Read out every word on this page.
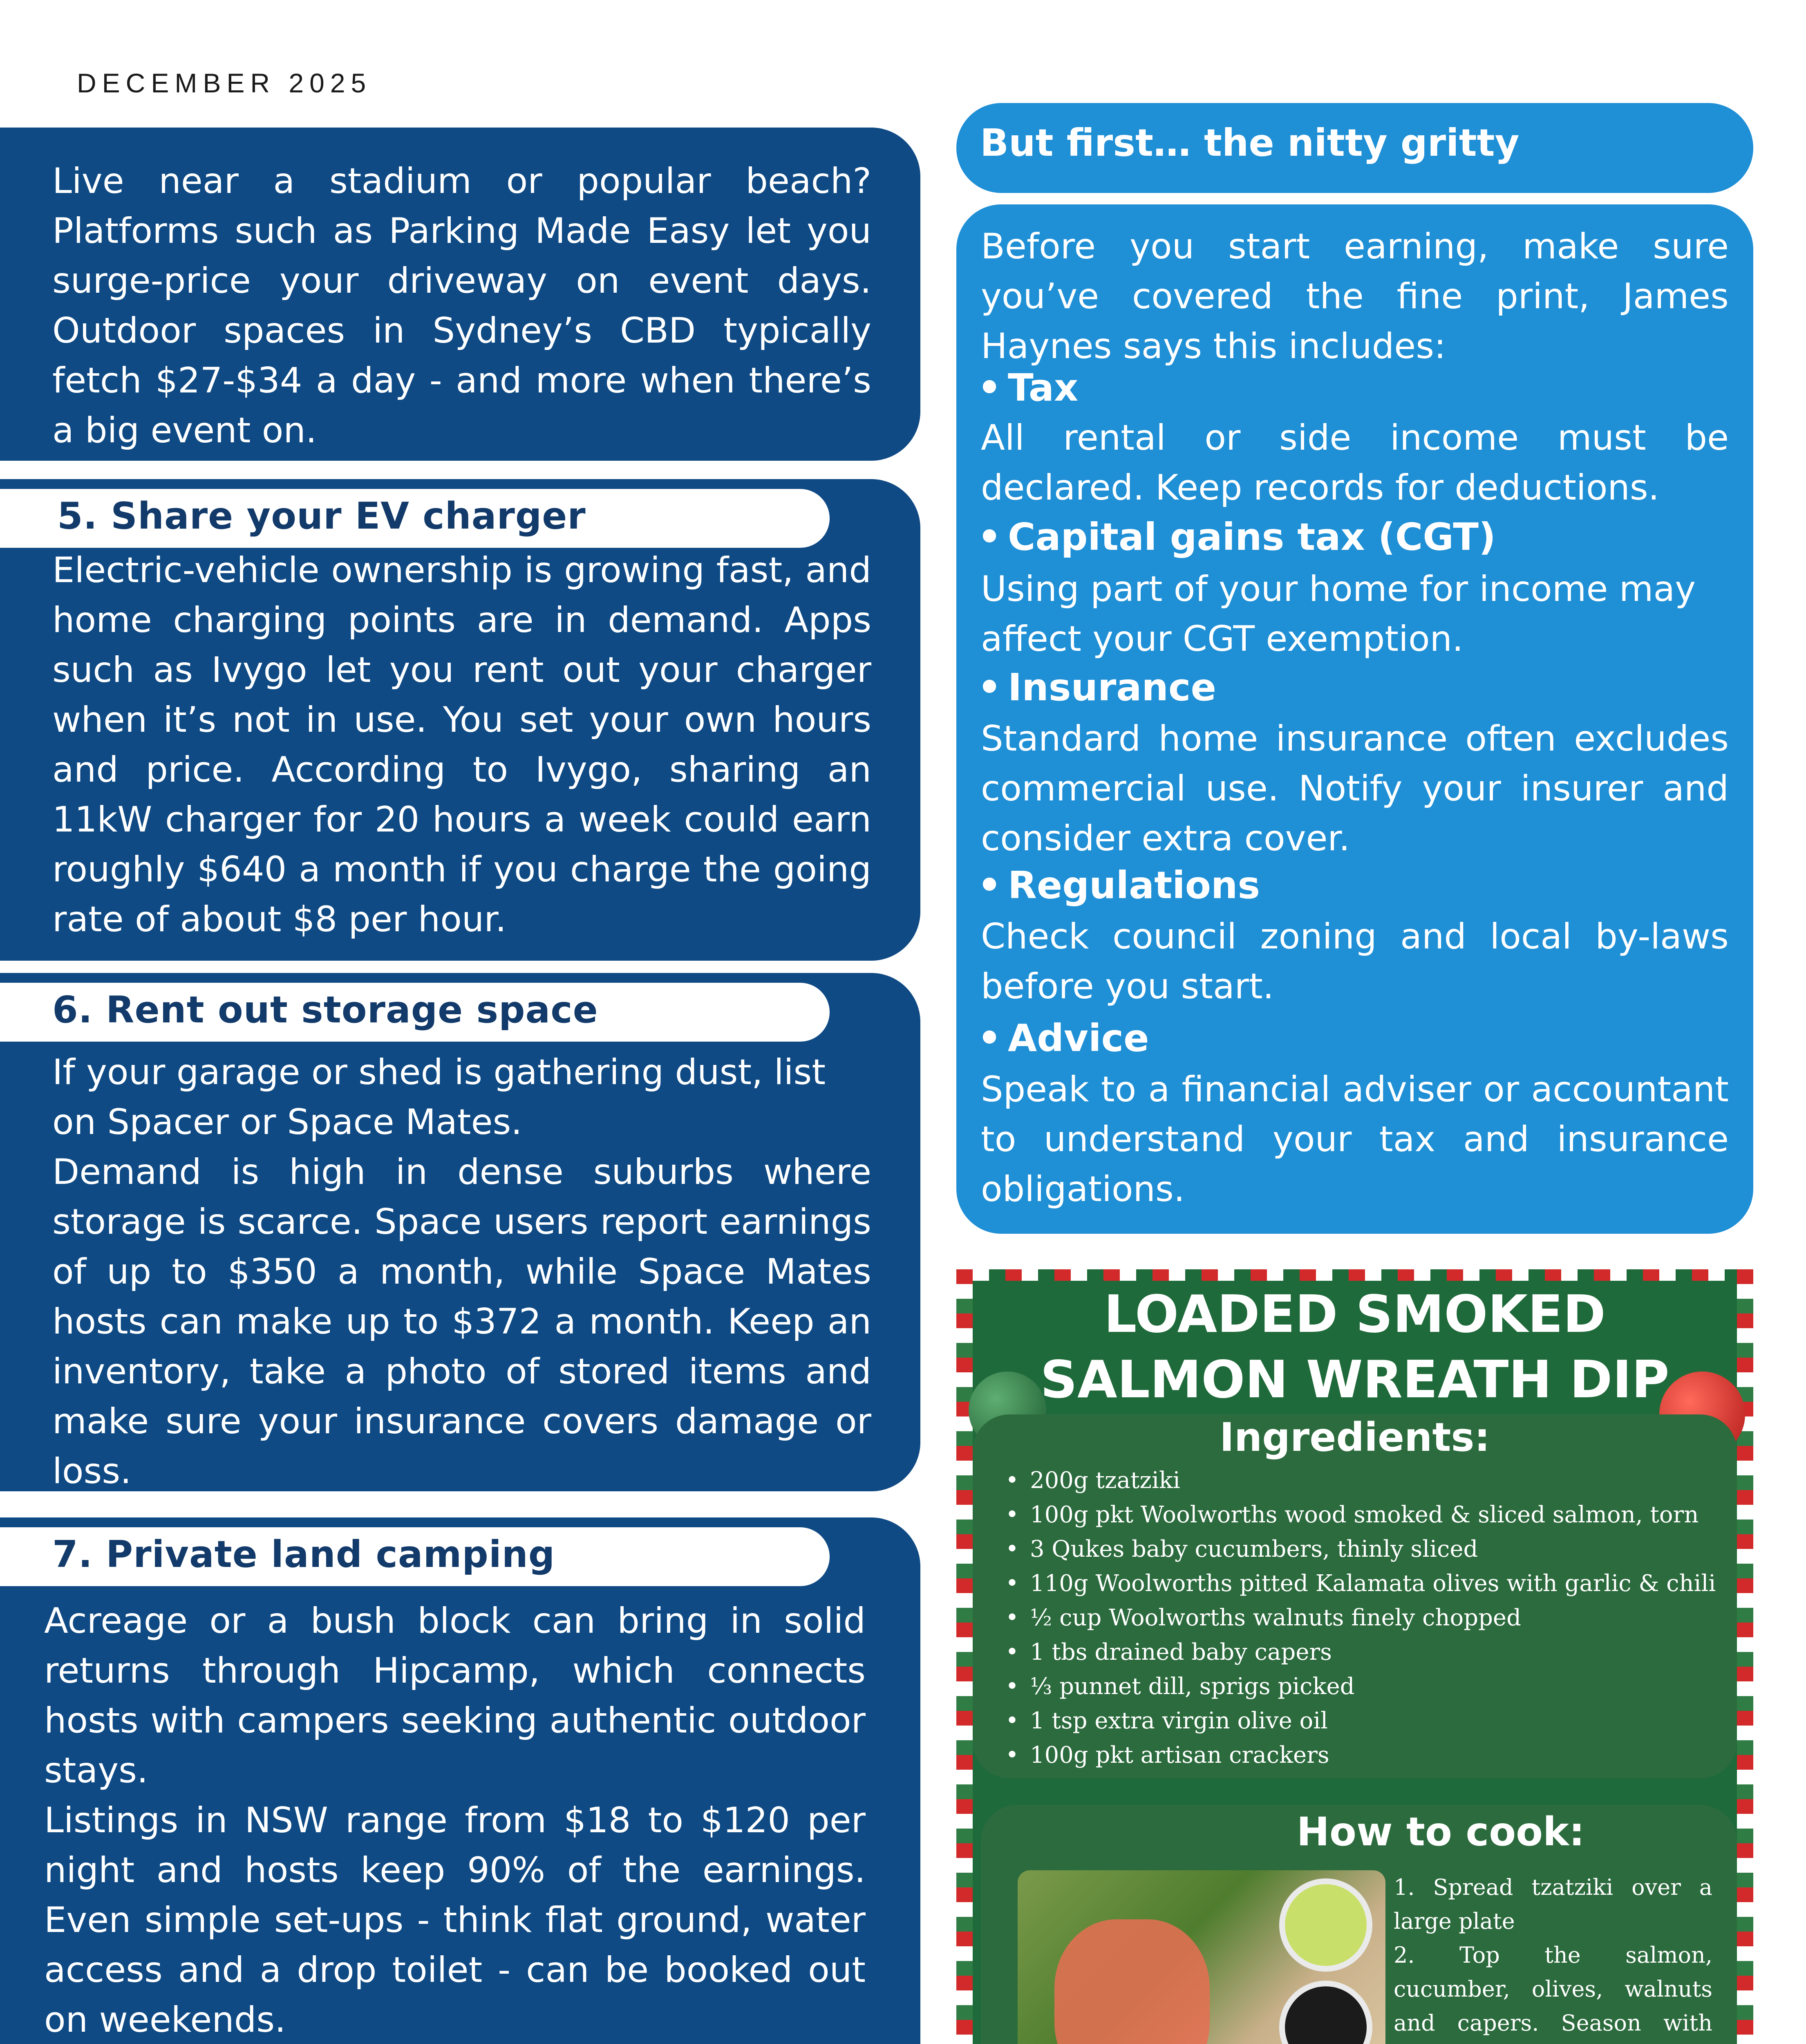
DECEMBER 2025

Live near a stadium or popular beach? Platforms such as Parking Made Easy let you surge-price your driveway on event days. Outdoor spaces in Sydney’s CBD typically fetch $27-$34 a day - and more when there’s a big event on.

5. Share your EV charger

Electric-vehicle ownership is growing fast, and home charging points are in demand. Apps such as Ivygo let you rent out your charger when it’s not in use. You set your own hours and price. According to Ivygo, sharing an 11kW charger for 20 hours a week could earn roughly $640 a month if you charge the going rate of about $8 per hour.

6. Rent out storage space

If your garage or shed is gathering dust, list on Spacer or Space Mates.

Demand is high in dense suburbs where storage is scarce. Space users report earnings of up to $350 a month, while Space Mates hosts can make up to $372 a month. Keep an inventory, take a photo of stored items and make sure your insurance covers damage or loss.

7. Private land camping

Acreage or a bush block can bring in solid returns through Hipcamp, which connects hosts with campers seeking authentic outdoor stays.

Listings in NSW range from $18 to $120 per night and hosts keep 90% of the earnings. Even simple set-ups - think flat ground, water access and a drop toilet - can be booked out on weekends.

But first… the nitty gritty
Before you start earning, make sure you’ve covered the fine print, James Haynes says this includes:
• Tax
All rental or side income must be declared. Keep records for deductions.
• Capital gains tax (CGT)
Using part of your home for income may affect your CGT exemption.
• Insurance
Standard home insurance often excludes commercial use. Notify your insurer and consider extra cover.
• Regulations
Check council zoning and local by-laws before you start.
• Advice
Speak to a financial adviser or accountant to understand your tax and insurance obligations.
LOADED SMOKED
SALMON WREATH DIP
Ingredients:
• 200g tzatziki
• 100g pkt Woolworths wood smoked & sliced salmon, torn
• 3 Qukes baby cucumbers, thinly sliced
• 110g Woolworths pitted Kalamata olives with garlic & chili
• ½ cup Woolworths walnuts finely chopped
• 1 tbs drained baby capers
• ⅓ punnet dill, sprigs picked
• 1 tsp extra virgin olive oil
• 100g pkt artisan crackers
How to cook:
1. Spread tzatziki over a large plate
2. Top the salmon, cucumber, olives, walnuts and capers. Season with
